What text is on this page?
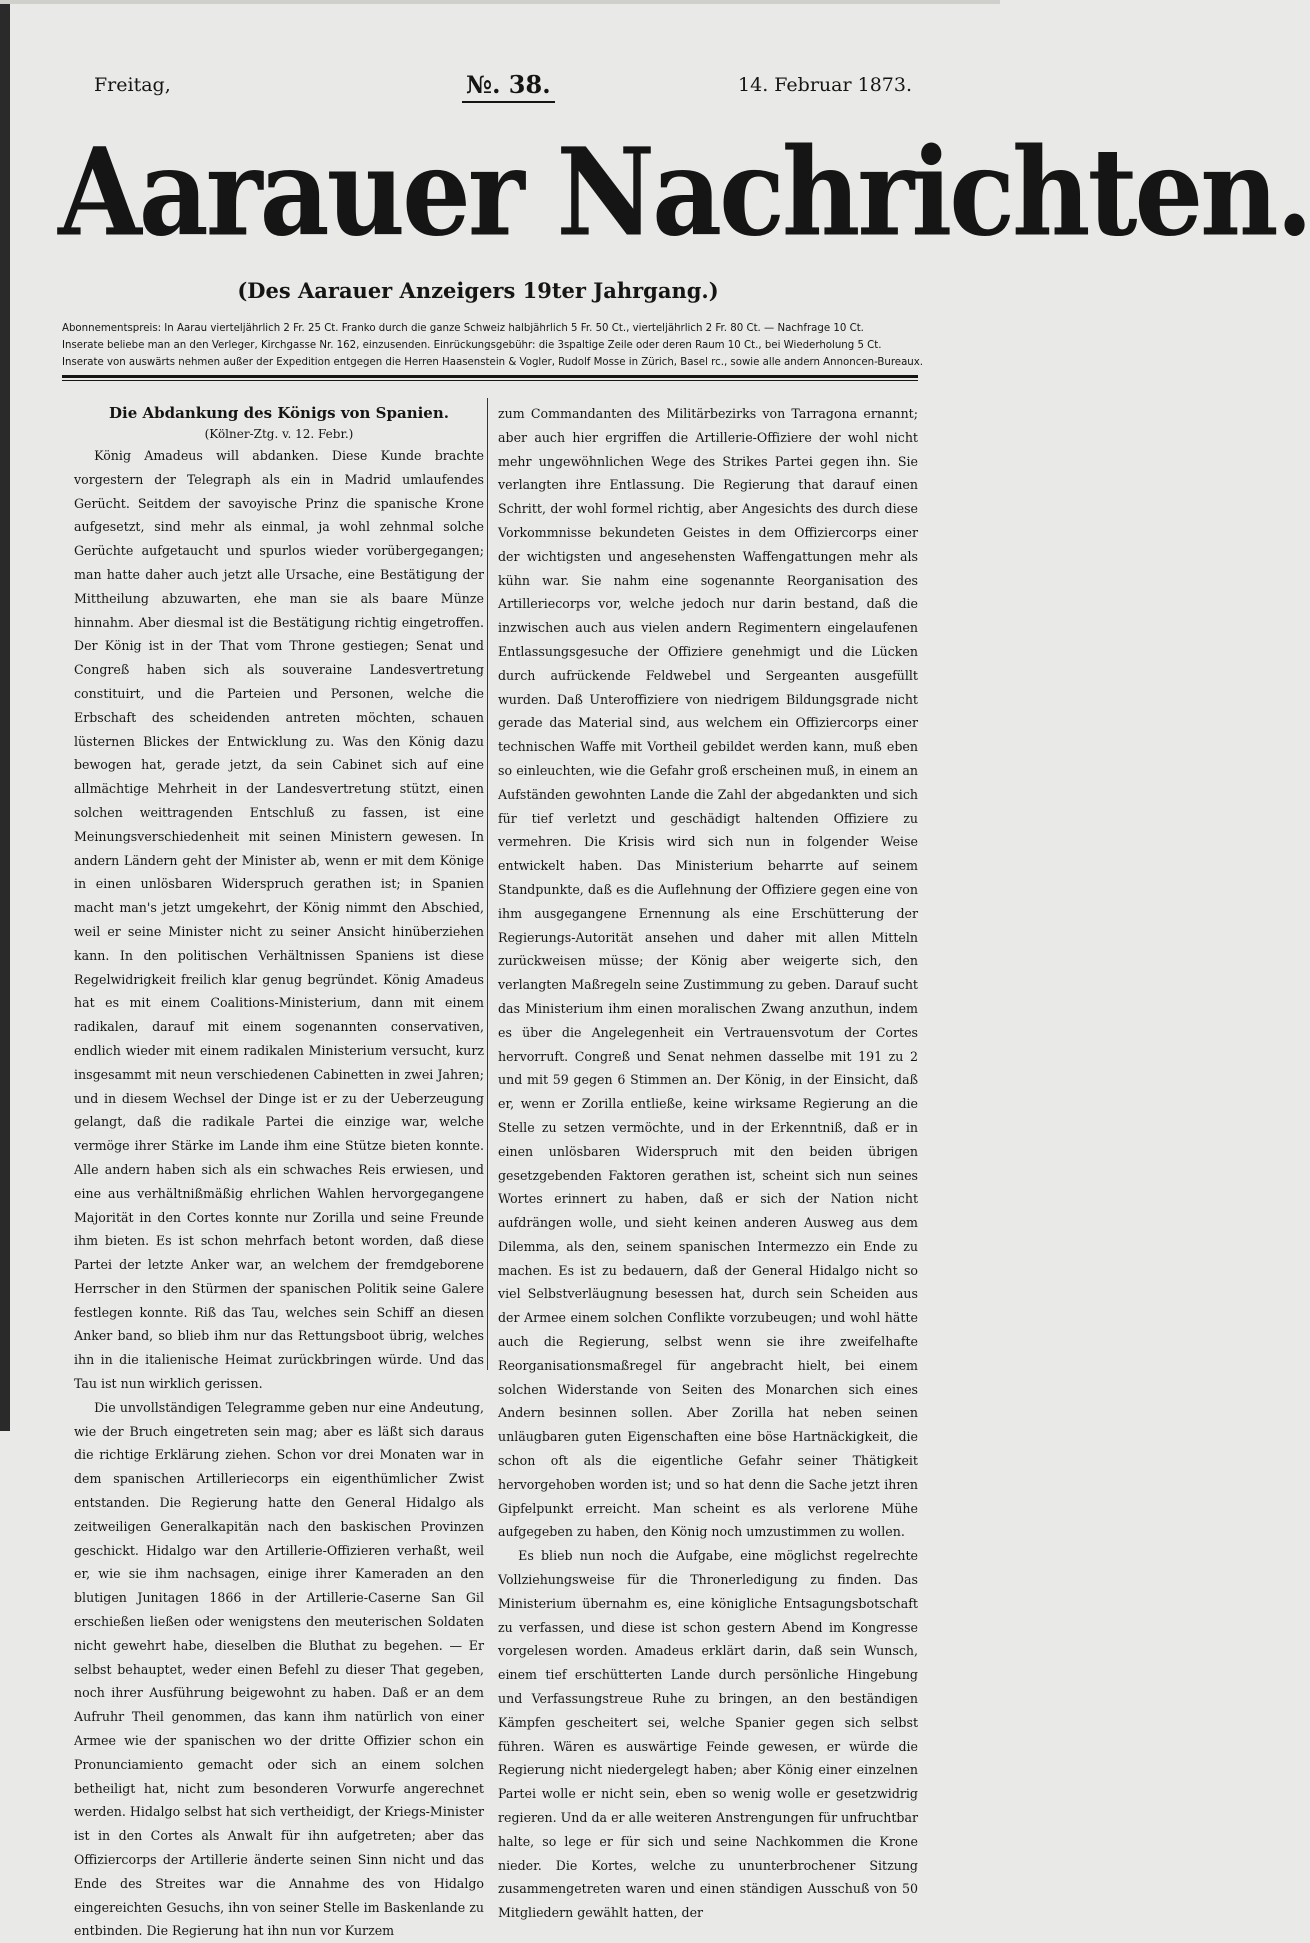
Freitag,	№. 38.	14. Februar 1873.
Aarauer Nachrichten.
(Des Aarauer Anzeigers 19ter Jahrgang.)
Abonnementspreis: In Aarau vierteljährlich 2 Fr. 25 Ct. Franko durch die ganze Schweiz halbjährlich 5 Fr. 50 Ct., vierteljährlich 2 Fr. 80 Ct. — Nachfrage 10 Ct.
Inserate beliebe man an den Verleger, Kirchgasse Nr. 162, einzusenden. Einrückungsgebühr: die 3spaltige Zeile oder deren Raum 10 Ct., bei Wiederholung 5 Ct.
Inserate von auswärts nehmen außer der Expedition entgegen die Herren Haasenstein & Vogler, Rudolf Mosse in Zürich, Basel rc., sowie alle andern Annoncen-Bureaux.

Die Abdankung des Königs von Spanien.

(Kölner-Ztg. v. 12. Febr.)

König Amadeus will abdanken. Diese Kunde brachte vorgestern der Telegraph als ein in Madrid umlaufendes Gerücht. Seitdem der savoyische Prinz die spanische Krone aufgesetzt, sind mehr als einmal, ja wohl zehnmal solche Gerüchte aufgetaucht und spurlos wieder vorübergegangen; man hatte daher auch jetzt alle Ursache, eine Bestätigung der Mittheilung abzuwarten, ehe man sie als baare Münze hinnahm. Aber diesmal ist die Bestätigung richtig eingetroffen. Der König ist in der That vom Throne gestiegen; Senat und Congreß haben sich als souveraine Landesvertretung constituirt, und die Parteien und Personen, welche die Erbschaft des scheidenden antreten möchten, schauen lüsternen Blickes der Entwicklung zu. Was den König dazu bewogen hat, gerade jetzt, da sein Cabinet sich auf eine allmächtige Mehrheit in der Landesvertretung stützt, einen solchen weittragenden Entschluß zu fassen, ist eine Meinungsverschiedenheit mit seinen Ministern gewesen. In andern Ländern geht der Minister ab, wenn er mit dem Könige in einen unlösbaren Widerspruch gerathen ist; in Spanien macht man's jetzt umgekehrt, der König nimmt den Abschied, weil er seine Minister nicht zu seiner Ansicht hinüberziehen kann. In den politischen Verhältnissen Spaniens ist diese Regelwidrigkeit freilich klar genug begründet. König Amadeus hat es mit einem Coalitions-Ministerium, dann mit einem radikalen, darauf mit einem sogenannten conservativen, endlich wieder mit einem radikalen Ministerium versucht, kurz insgesammt mit neun verschiedenen Cabinetten in zwei Jahren; und in diesem Wechsel der Dinge ist er zu der Ueberzeugung gelangt, daß die radikale Partei die einzige war, welche vermöge ihrer Stärke im Lande ihm eine Stütze bieten konnte. Alle andern haben sich als ein schwaches Reis erwiesen, und eine aus verhältnißmäßig ehrlichen Wahlen hervorgegangene Majorität in den Cortes konnte nur Zorilla und seine Freunde ihm bieten. Es ist schon mehrfach betont worden, daß diese Partei der letzte Anker war, an welchem der fremdgeborene Herrscher in den Stürmen der spanischen Politik seine Galere festlegen konnte. Riß das Tau, welches sein Schiff an diesen Anker band, so blieb ihm nur das Rettungsboot übrig, welches ihn in die italienische Heimat zurückbringen würde. Und das Tau ist nun wirklich gerissen.

Die unvollständigen Telegramme geben nur eine Andeutung, wie der Bruch eingetreten sein mag; aber es läßt sich daraus die richtige Erklärung ziehen. Schon vor drei Monaten war in dem spanischen Artilleriecorps ein eigenthümlicher Zwist entstanden. Die Regierung hatte den General Hidalgo als zeitweiligen Generalkapitän nach den baskischen Provinzen geschickt. Hidalgo war den Artillerie-Offizieren verhaßt, weil er, wie sie ihm nachsagen, einige ihrer Kameraden an den blutigen Junitagen 1866 in der Artillerie-Caserne San Gil erschießen ließen oder wenigstens den meuterischen Soldaten nicht gewehrt habe, dieselben die Bluthat zu begehen. — Er selbst behauptet, weder einen Befehl zu dieser That gegeben, noch ihrer Ausführung beigewohnt zu haben. Daß er an dem Aufruhr Theil genommen, das kann ihm natürlich von einer Armee wie der spanischen wo der dritte Offizier schon ein Pronunciamiento gemacht oder sich an einem solchen betheiligt hat, nicht zum besonderen Vorwurfe angerechnet werden. Hidalgo selbst hat sich vertheidigt, der Kriegs-Minister ist in den Cortes als Anwalt für ihn aufgetreten; aber das Offiziercorps der Artillerie änderte seinen Sinn nicht und das Ende des Streites war die Annahme des von Hidalgo eingereichten Gesuchs, ihn von seiner Stelle im Baskenlande zu entbinden. Die Regierung hat ihn nun vor Kurzem

zum Commandanten des Militärbezirks von Tarragona ernannt; aber auch hier ergriffen die Artillerie-Offiziere der wohl nicht mehr ungewöhnlichen Wege des Strikes Partei gegen ihn. Sie verlangten ihre Entlassung. Die Regierung that darauf einen Schritt, der wohl formel richtig, aber Angesichts des durch diese Vorkommnisse bekundeten Geistes in dem Offiziercorps einer der wichtigsten und angesehensten Waffengattungen mehr als kühn war. Sie nahm eine sogenannte Reorganisation des Artilleriecorps vor, welche jedoch nur darin bestand, daß die inzwischen auch aus vielen andern Regimentern eingelaufenen Entlassungsgesuche der Offiziere genehmigt und die Lücken durch aufrückende Feldwebel und Sergeanten ausgefüllt wurden. Daß Unteroffiziere von niedrigem Bildungsgrade nicht gerade das Material sind, aus welchem ein Offiziercorps einer technischen Waffe mit Vortheil gebildet werden kann, muß eben so einleuchten, wie die Gefahr groß erscheinen muß, in einem an Aufständen gewohnten Lande die Zahl der abgedankten und sich für tief verletzt und geschädigt haltenden Offiziere zu vermehren. Die Krisis wird sich nun in folgender Weise entwickelt haben. Das Ministerium beharrte auf seinem Standpunkte, daß es die Auflehnung der Offiziere gegen eine von ihm ausgegangene Ernennung als eine Erschütterung der Regierungs-Autorität ansehen und daher mit allen Mitteln zurückweisen müsse; der König aber weigerte sich, den verlangten Maßregeln seine Zustimmung zu geben. Darauf sucht das Ministerium ihm einen moralischen Zwang anzuthun, indem es über die Angelegenheit ein Vertrauensvotum der Cortes hervorruft. Congreß und Senat nehmen dasselbe mit 191 zu 2 und mit 59 gegen 6 Stimmen an. Der König, in der Einsicht, daß er, wenn er Zorilla entließe, keine wirksame Regierung an die Stelle zu setzen vermöchte, und in der Erkenntniß, daß er in einen unlösbaren Widerspruch mit den beiden übrigen gesetzgebenden Faktoren gerathen ist, scheint sich nun seines Wortes erinnert zu haben, daß er sich der Nation nicht aufdrängen wolle, und sieht keinen anderen Ausweg aus dem Dilemma, als den, seinem spanischen Intermezzo ein Ende zu machen. Es ist zu bedauern, daß der General Hidalgo nicht so viel Selbstverläugnung besessen hat, durch sein Scheiden aus der Armee einem solchen Conflikte vorzubeugen; und wohl hätte auch die Regierung, selbst wenn sie ihre zweifelhafte Reorganisationsmaßregel für angebracht hielt, bei einem solchen Widerstande von Seiten des Monarchen sich eines Andern besinnen sollen. Aber Zorilla hat neben seinen unläugbaren guten Eigenschaften eine böse Hartnäckigkeit, die schon oft als die eigentliche Gefahr seiner Thätigkeit hervorgehoben worden ist; und so hat denn die Sache jetzt ihren Gipfelpunkt erreicht. Man scheint es als verlorene Mühe aufgegeben zu haben, den König noch umzustimmen zu wollen.

Es blieb nun noch die Aufgabe, eine möglichst regelrechte Vollziehungsweise für die Thronerledigung zu finden. Das Ministerium übernahm es, eine königliche Entsagungsbotschaft zu verfassen, und diese ist schon gestern Abend im Kongresse vorgelesen worden. Amadeus erklärt darin, daß sein Wunsch, einem tief erschütterten Lande durch persönliche Hingebung und Verfassungstreue Ruhe zu bringen, an den beständigen Kämpfen gescheitert sei, welche Spanier gegen sich selbst führen. Wären es auswärtige Feinde gewesen, er würde die Regierung nicht niedergelegt haben; aber König einer einzelnen Partei wolle er nicht sein, eben so wenig wolle er gesetzwidrig regieren. Und da er alle weiteren Anstrengungen für unfruchtbar halte, so lege er für sich und seine Nachkommen die Krone nieder. Die Kortes, welche zu ununterbrochener Sitzung zusammengetreten waren und einen ständigen Ausschuß von 50 Mitgliedern gewählt hatten, der
